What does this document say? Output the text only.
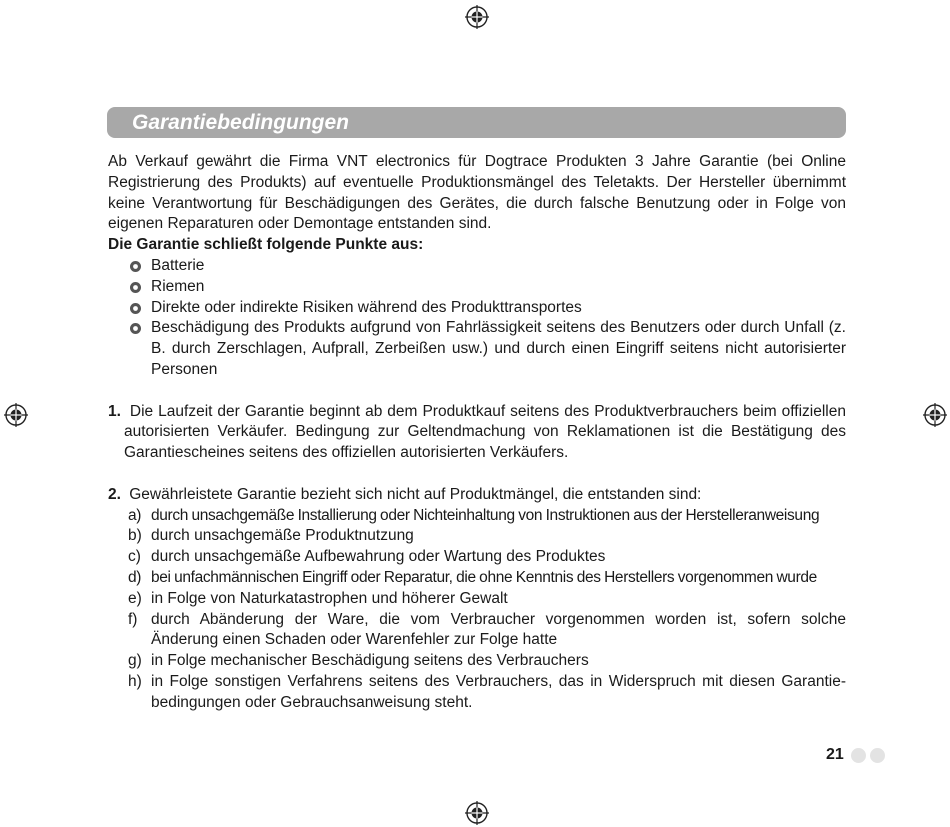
Garantiebedingungen

Ab Verkauf gewährt die Firma VNT electronics für Dogtrace Produkten 3 Jahre Garantie (bei Online Registrierung des Produkts) auf eventuelle Produktionsmängel des Teletakts. Der Hersteller übernimmt keine Verantwortung für Beschädigungen des Gerätes, die durch falsche Benutzung oder in Folge von eigenen Reparaturen oder Demontage entstanden sind.

Die Garantie schließt folgende Punkte aus:

Batterie
Riemen
Direkte oder indirekte Risiken während des Produkttransportes
Beschädigung des Produkts aufgrund von Fahrlässigkeit seitens des Benutzers oder durch Unfall (z. B. durch Zerschlagen, Aufprall, Zerbeißen usw.) und durch einen Eingriff seitens nicht autorisierter Personen

1. Die Laufzeit der Garantie beginnt ab dem Produktkauf seitens des Produktverbrauchers beim offiziellen autorisierten Verkäufer. Bedingung zur Geltendmachung von Reklamationen ist die Bestätigung des Garantiescheines seitens des offiziellen autorisierten Verkäufers.

2. Gewährleistete Garantie bezieht sich nicht auf Produktmängel, die entstanden sind:

a) durch unsachgemäße Installierung oder Nichteinhaltung von Instruktionen aus der Herstelleranweisung
b) durch unsachgemäße Produktnutzung
c) durch unsachgemäße Aufbewahrung oder Wartung des Produktes
d) bei unfachmännischen Eingriff oder Reparatur, die ohne Kenntnis des Herstellers vorgenommen wurde
e) in Folge von Naturkatastrophen und höherer Gewalt
f) durch Abänderung der Ware, die vom Verbraucher vorgenommen worden ist, sofern solche Änderung einen Schaden oder Warenfehler zur Folge hatte
g) in Folge mechanischer Beschädigung seitens des Verbrauchers
h) in Folge sonstigen Verfahrens seitens des Verbrauchers, das in Widerspruch mit diesen Garantie-bedingungen oder Gebrauchsanweisung steht.
21
